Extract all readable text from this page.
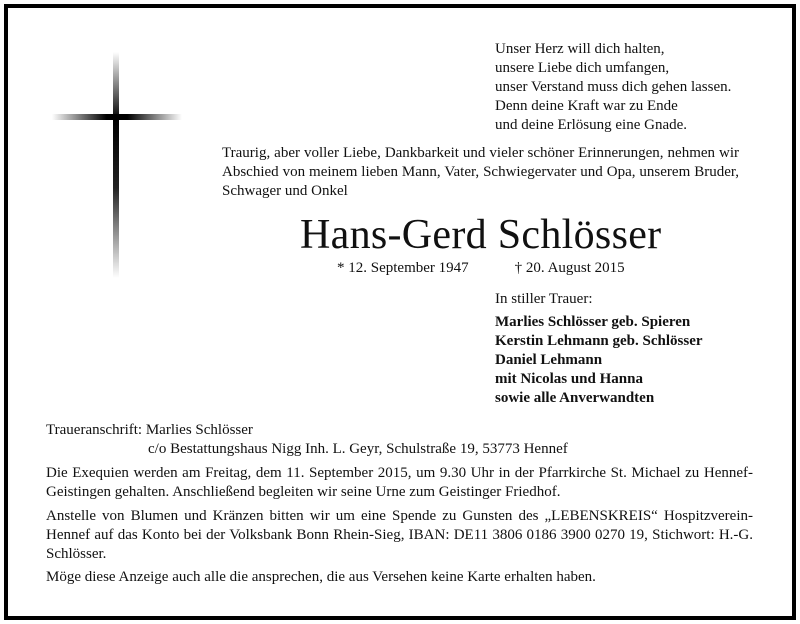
Unser Herz will dich halten,
unsere Liebe dich umfangen,
unser Verstand muss dich gehen lassen.
Denn deine Kraft war zu Ende
und deine Erlösung eine Gnade.
Traurig, aber voller Liebe, Dankbarkeit und vieler schöner Erinnerungen, nehmen wir Abschied von meinem lieben Mann, Vater, Schwiegervater und Opa, unserem Bruder, Schwager und Onkel
Hans-Gerd Schlösser
* 12. September 1947	† 20. August 2015
In stiller Trauer:
Marlies Schlösser geb. Spieren
Kerstin Lehmann geb. Schlösser
Daniel Lehmann
mit Nicolas und Hanna
sowie alle Anverwandten
Traueranschrift: Marlies Schlösser
c/o Bestattungshaus Nigg Inh. L. Geyr, Schulstraße 19, 53773 Hennef
Die Exequien werden am Freitag, dem 11. September 2015, um 9.30 Uhr in der Pfarrkirche St. Michael zu Hennef-Geistingen gehalten. Anschließend begleiten wir seine Urne zum Geistinger Friedhof.
Anstelle von Blumen und Kränzen bitten wir um eine Spende zu Gunsten des „LEBENSKREIS“ Hospitzverein-Hennef auf das Konto bei der Volksbank Bonn Rhein-Sieg, IBAN: DE11 3806 0186 3900 0270 19, Stichwort: H.-G. Schlösser.
Möge diese Anzeige auch alle die ansprechen, die aus Versehen keine Karte erhalten haben.
